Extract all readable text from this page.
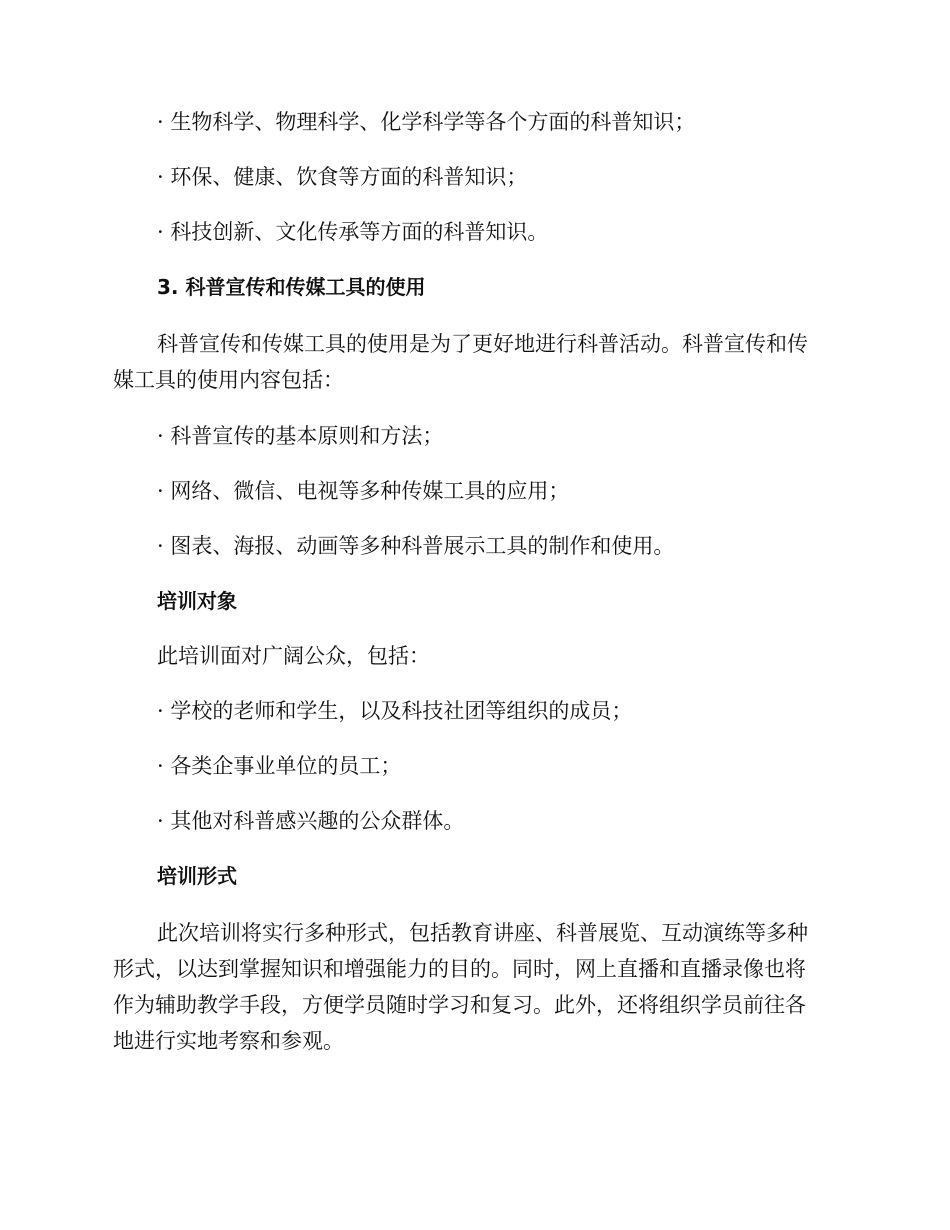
· 生物科学、物理科学、化学科学等各个方面的科普知识；
· 环保、健康、饮食等方面的科普知识；
· 科技创新、文化传承等方面的科普知识。
3. 科普宣传和传媒工具的使用
科普宣传和传媒工具的使用是为了更好地进行科普活动。科普宣传和传
媒工具的使用内容包括：
· 科普宣传的基本原则和方法；
· 网络、微信、电视等多种传媒工具的应用；
· 图表、海报、动画等多种科普展示工具的制作和使用。
培训对象
此培训面对广阔公众，包括：
· 学校的老师和学生，以及科技社团等组织的成员；
· 各类企事业单位的员工；
· 其他对科普感兴趣的公众群体。
培训形式
此次培训将实行多种形式，包括教育讲座、科普展览、互动演练等多种
形式，以达到掌握知识和增强能力的目的。同时，网上直播和直播录像也将
作为辅助教学手段，方便学员随时学习和复习。此外，还将组织学员前往各
地进行实地考察和参观。
